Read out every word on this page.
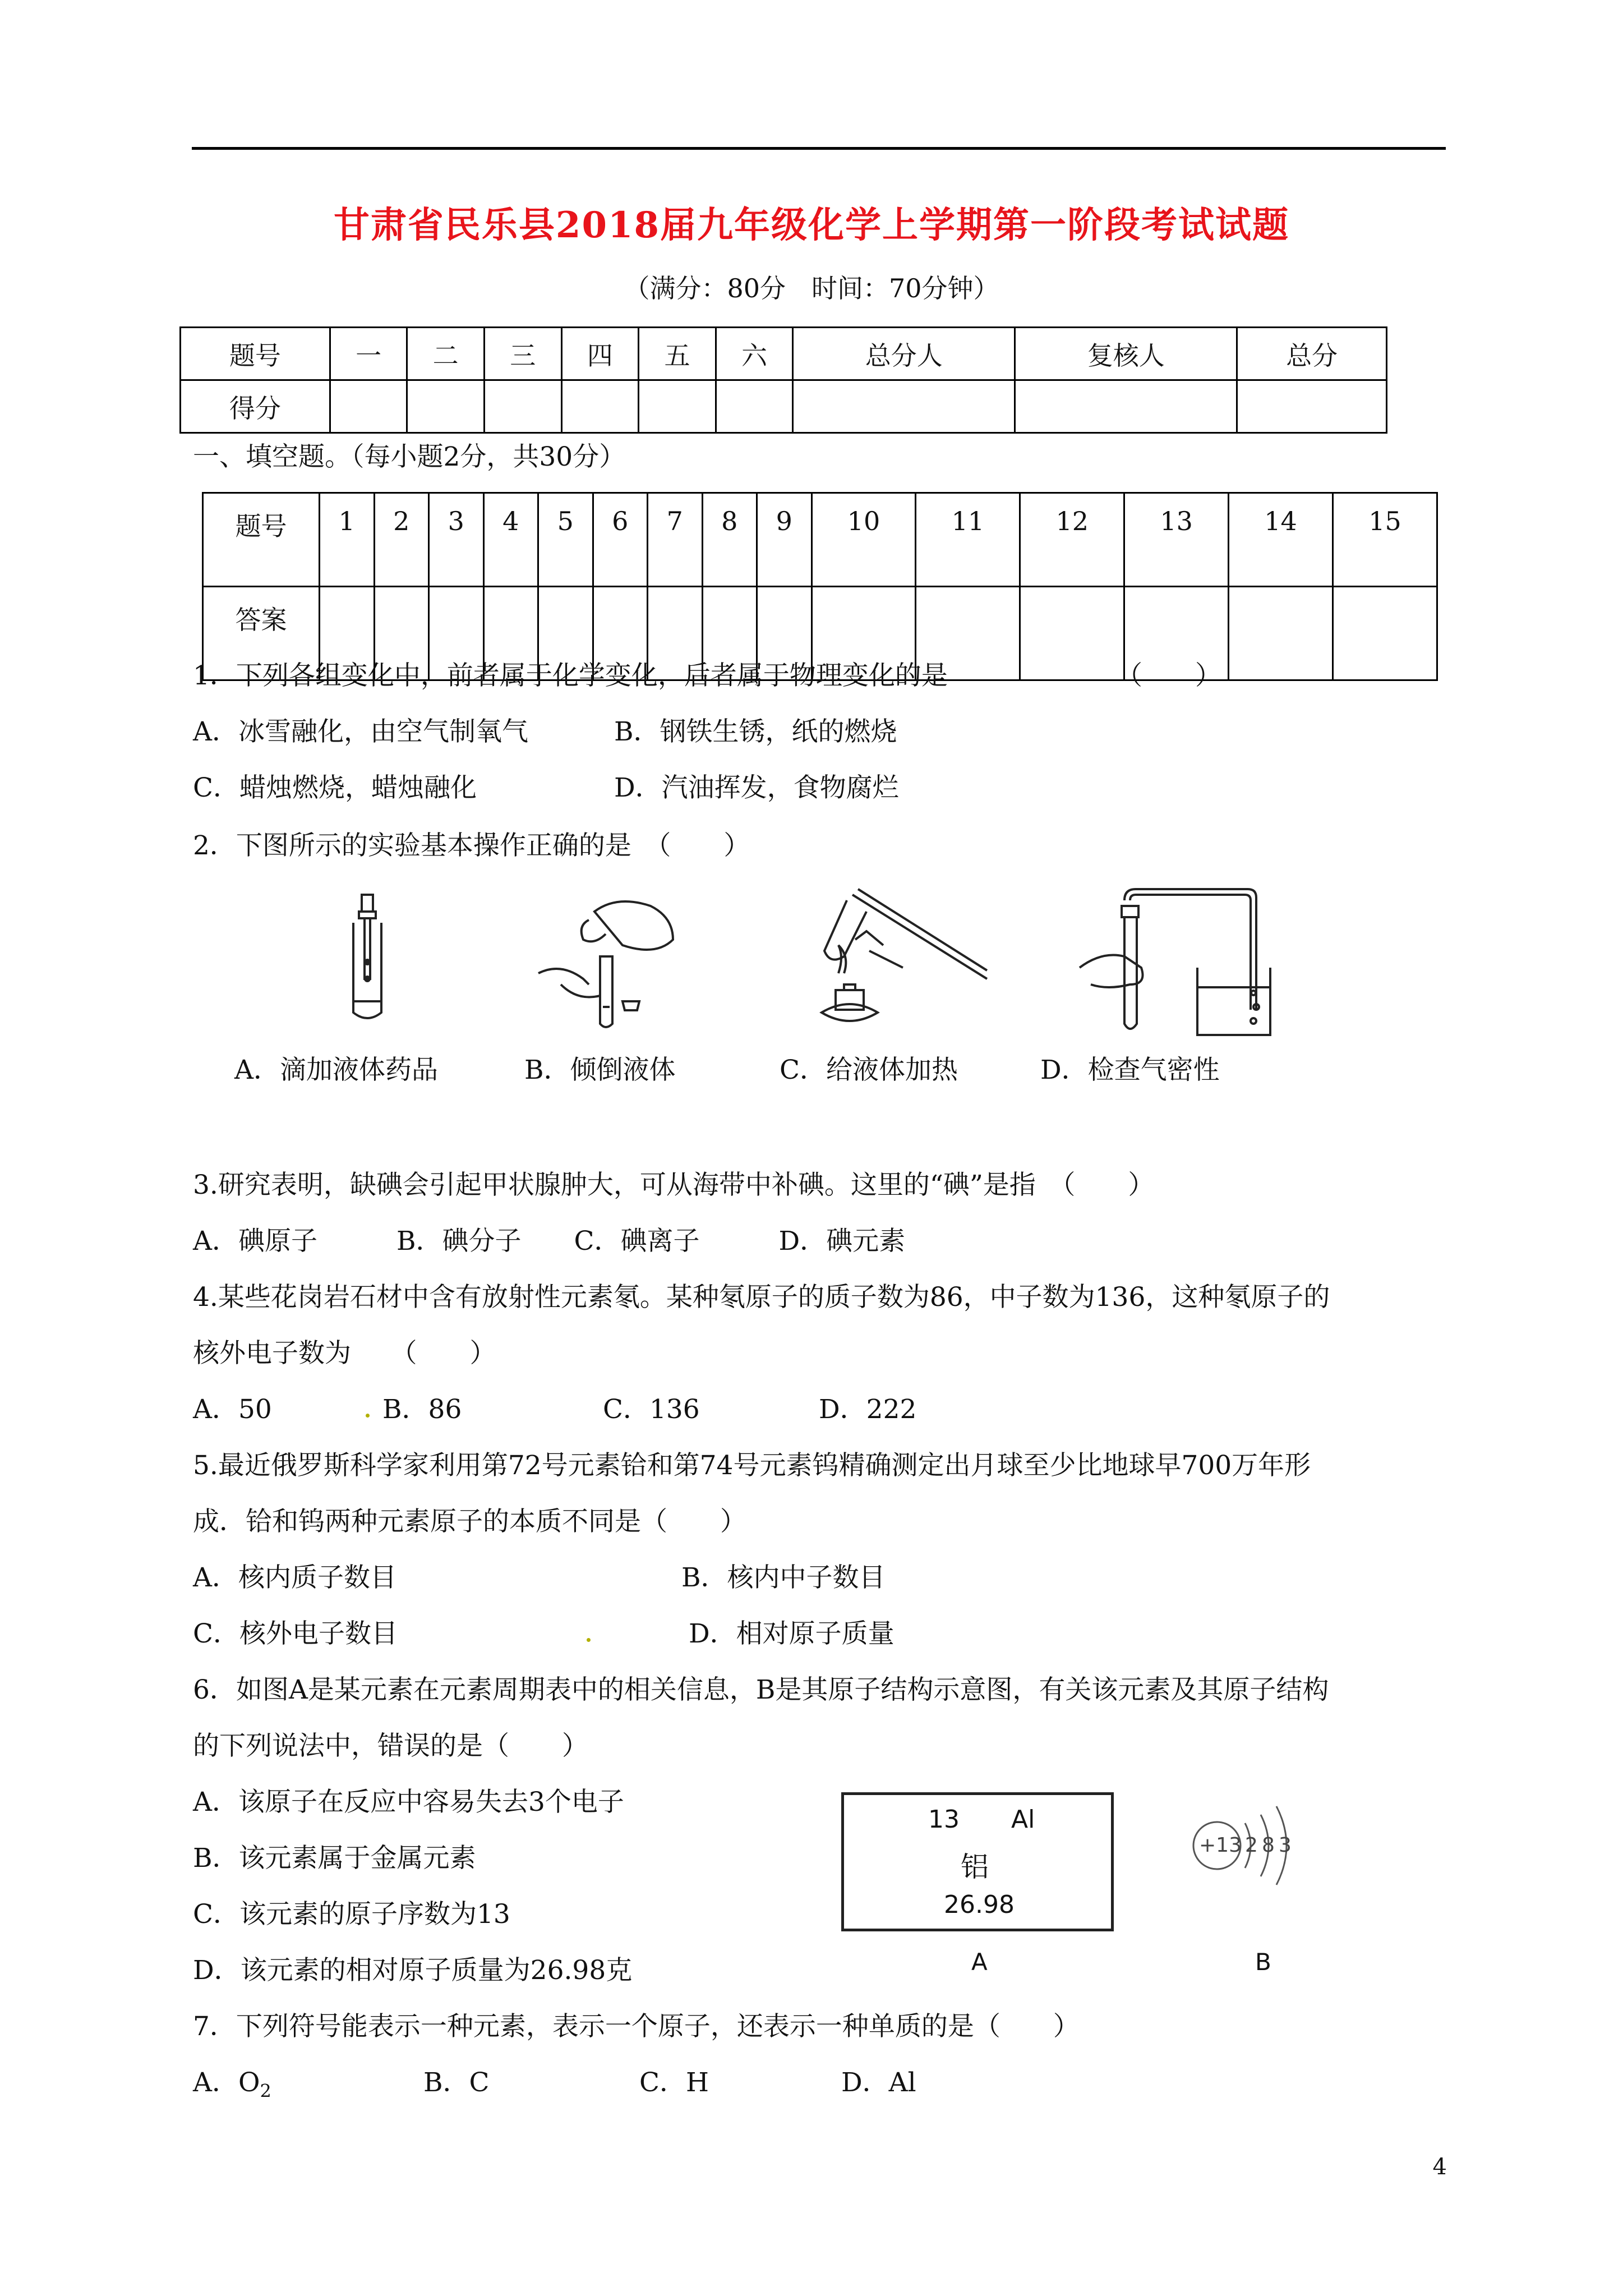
甘肃省民乐县2018届九年级化学上学期第一阶段考试试题
（满分：80分　时间：70分钟）
题号	一	二	三	四	五	六	总分人	复核人	总分
得分									
一、填空题。（每小题2分，共30分）
题号	1	2	3	4	5	6	7	8	9	10	11	12	13	14	15
答案															
1．下列各组变化中，前者属于化学变化，后者属于物理变化的是	（　　）
A．冰雪融化，由空气制氧气	B．钢铁生锈，纸的燃烧
C．蜡烛燃烧，蜡烛融化	D．汽油挥发，食物腐烂
2．下图所示的实验基本操作正确的是　（　　）
A．滴加液体药品	B．倾倒液体	C．给液体加热	D．检查气密性
3.研究表明，缺碘会引起甲状腺肿大，可从海带中补碘。这里的“碘”是指　（　　）
A．碘原子　　　B．碘分子　　C．碘离子　　　D．碘元素
4.某些花岗岩石材中含有放射性元素氡。某种氡原子的质子数为86，中子数为136，这种氡原子的
核外电子数为　　（　　）
A．50	B．86	C．136	D．222
5.最近俄罗斯科学家利用第72号元素铪和第74号元素钨精确测定出月球至少比地球早700万年形
成．铪和钨两种元素原子的本质不同是（　　）
A．核内质子数目	B．核内中子数目
C．核外电子数目	D．相对原子质量
6．如图A是某元素在元素周期表中的相关信息，B是其原子结构示意图，有关该元素及其原子结构
的下列说法中，错误的是（　　）
A．该原子在反应中容易失去3个电子
B．该元素属于金属元素
C．该元素的原子序数为13
D．该元素的相对原子质量为26.98克
13 Al
铝
26.98
A
+13 2 8 3
B
7．下列符号能表示一种元素，表示一个原子，还表示一种单质的是（　　）
A．$O_2$	B．C	C．H	D．Al
4
